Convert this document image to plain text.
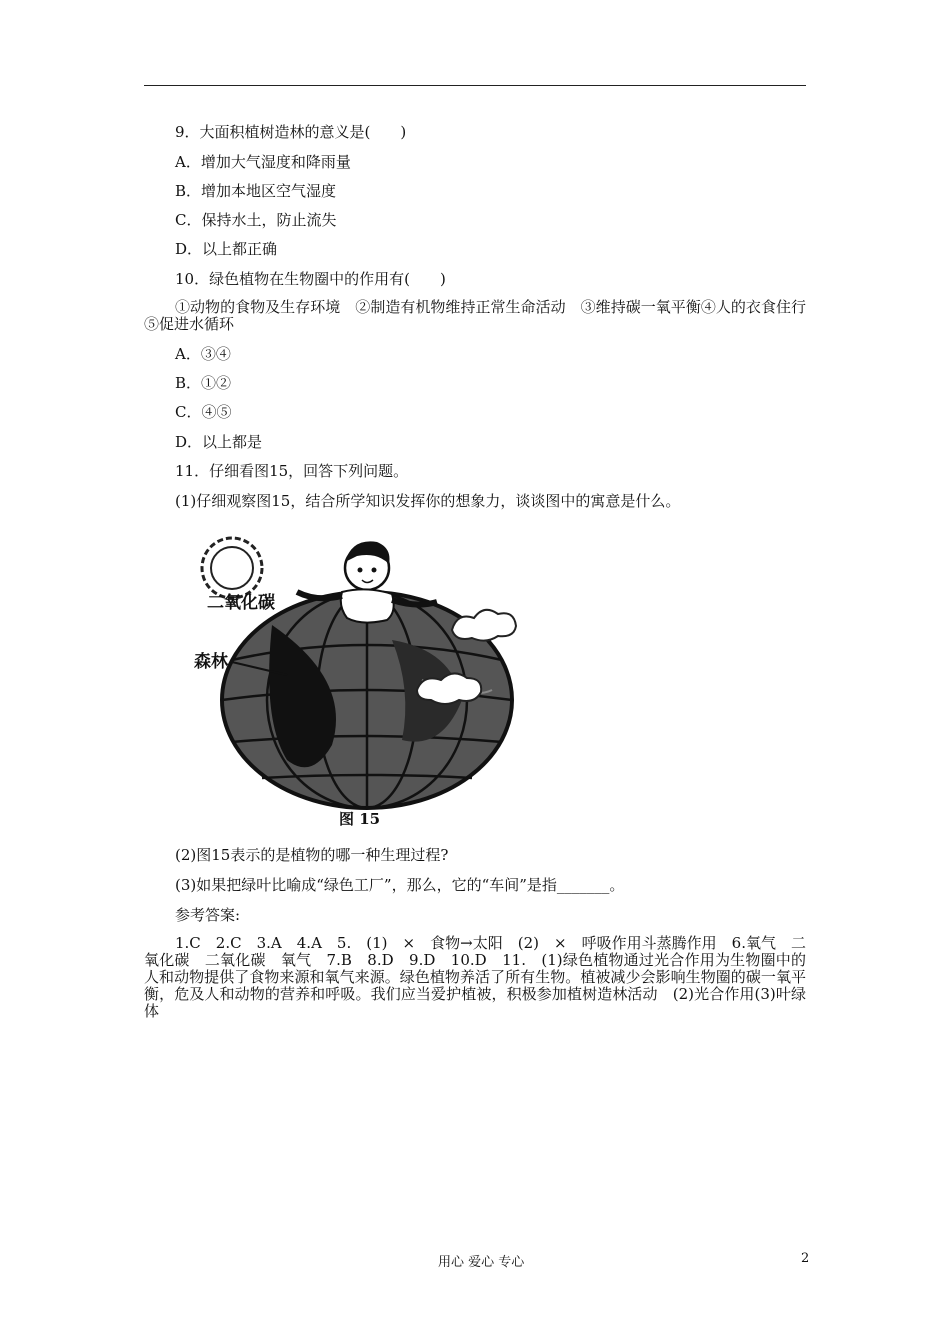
9．大面积植树造林的意义是(　　)
A．增加大气湿度和降雨量
B．增加本地区空气湿度
C．保持水土，防止流失
D．以上都正确
10．绿色植物在生物圈中的作用有(　　)
①动物的食物及生存环境　②制造有机物维持正常生命活动　③维持碳一氧平衡④人的衣食住行　⑤促进水循环
A．③④
B．①②
C．④⑤
D．以上都是
11．仔细看图15，回答下列问题。
(1)仔细观察图15，结合所学知识发挥你的想象力，谈谈图中的寓意是什么。
二氧化碳
森林
图 15
(2)图15表示的是植物的哪一种生理过程?
(3)如果把绿叶比喻成“绿色工厂”，那么，它的“车间”是指_______。
参考答案:
1.C　2.C　3.A　4.A　5.　(1)　×　食物→太阳　(2)　×　呼吸作用斗蒸腾作用　6.氧气　二氧化碳　二氧化碳　氧气　7.B　8.D　9.D　10.D　11.　(1)绿色植物通过光合作用为生物圈中的人和动物提供了食物来源和氧气来源。绿色植物养活了所有生物。植被减少会影响生物圈的碳一氧平衡，危及人和动物的营养和呼吸。我们应当爱护植被，积极参加植树造林活动　(2)光合作用(3)叶绿体
用心 爱心 专心	2
